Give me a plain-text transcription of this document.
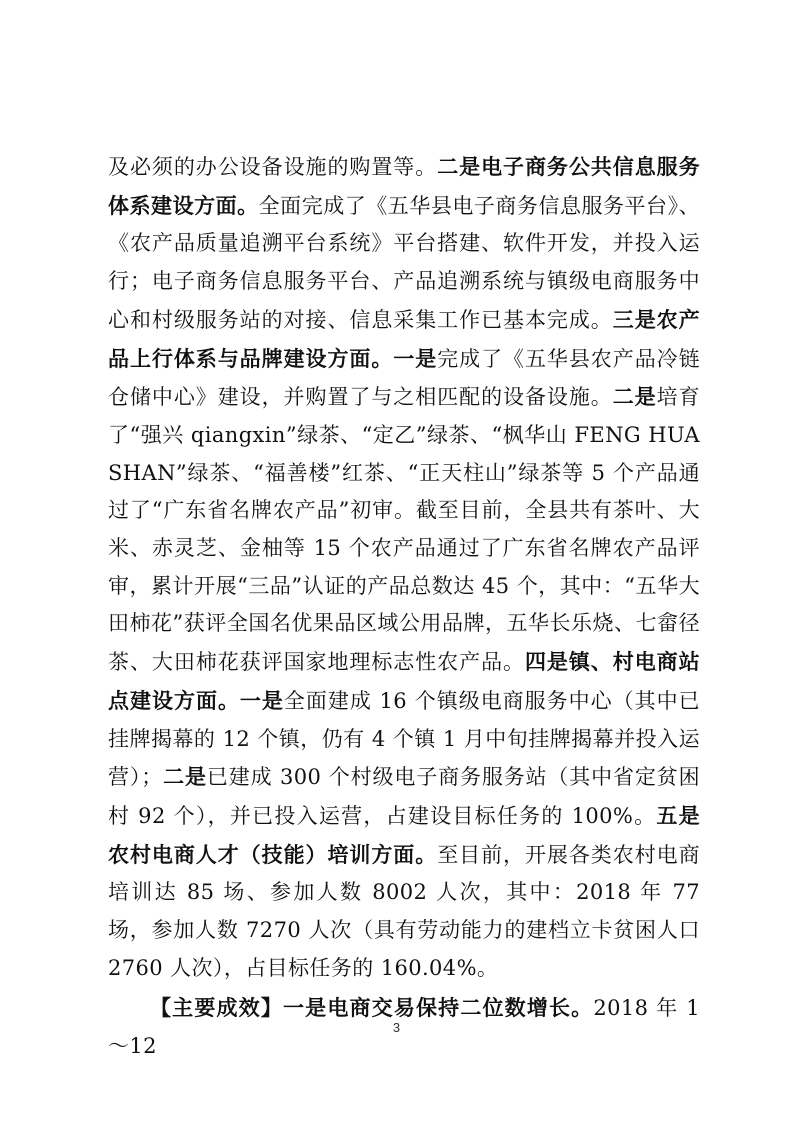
及必须的办公设备设施的购置等。二是电子商务公共信息服务体系建设方面。全面完成了《五华县电子商务信息服务平台》、《农产品质量追溯平台系统》平台搭建、软件开发，并投入运行；电子商务信息服务平台、产品追溯系统与镇级电商服务中心和村级服务站的对接、信息采集工作已基本完成。三是农产品上行体系与品牌建设方面。一是完成了《五华县农产品冷链仓储中心》建设，并购置了与之相匹配的设备设施。二是培育了“强兴 qiangxin”绿茶、“定乙”绿茶、“枫华山 FENG HUA SHAN”绿茶、“福善楼”红茶、“正天柱山”绿茶等 5 个产品通过了“广东省名牌农产品”初审。截至目前，全县共有茶叶、大米、赤灵芝、金柚等 15 个农产品通过了广东省名牌农产品评审，累计开展“三品”认证的产品总数达 45 个，其中：“五华大田柿花”获评全国名优果品区域公用品牌，五华长乐烧、七畲径茶、大田柿花获评国家地理标志性农产品。四是镇、村电商站点建设方面。一是全面建成 16 个镇级电商服务中心（其中已挂牌揭幕的 12 个镇，仍有 4 个镇 1 月中旬挂牌揭幕并投入运营）；二是已建成 300 个村级电子商务服务站（其中省定贫困村 92 个），并已投入运营，占建设目标任务的 100%。五是农村电商人才（技能）培训方面。至目前，开展各类农村电商培训达 85 场、参加人数 8002 人次，其中：2018 年 77 场，参加人数 7270 人次（具有劳动能力的建档立卡贫困人口 2760 人次），占目标任务的 160.04%。

【主要成效】一是电商交易保持二位数增长。2018 年 1～12

3
